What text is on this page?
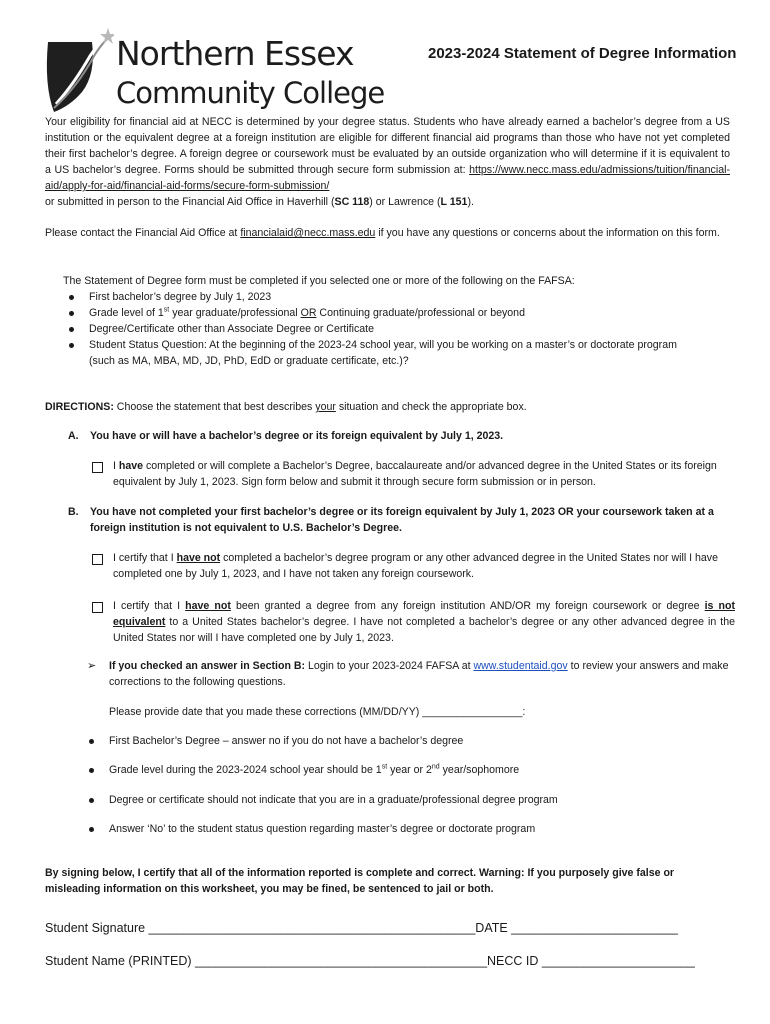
Northern Essex
Community College
2023-2024 Statement of Degree Information

Your eligibility for financial aid at NECC is determined by your degree status. Students who have already earned a bachelor’s degree from a US institution or the equivalent degree at a foreign institution are eligible for different financial aid programs than those who have not yet completed their first bachelor’s degree. A foreign degree or coursework must be evaluated by an outside organization who will determine if it is equivalent to a US bachelor’s degree. Forms should be submitted through secure form submission at: https://www.necc.mass.edu/admissions/tuition/financial-aid/apply-for-aid/financial-aid-forms/secure-form-submission/
or submitted in person to the Financial Aid Office in Haverhill (SC 118) or Lawrence (L 151).

Please contact the Financial Aid Office at financialaid@necc.mass.edu if you have any questions or concerns about the information on this form.

The Statement of Degree form must be completed if you selected one or more of the following on the FAFSA:
First bachelor’s degree by July 1, 2023
Grade level of 1st year graduate/professional OR Continuing graduate/professional or beyond
Degree/Certificate other than Associate Degree or Certificate
Student Status Question: At the beginning of the 2023-24 school year, will you be working on a master’s or doctorate program (such as MA, MBA, MD, JD, PhD, EdD or graduate certificate, etc.)?
DIRECTIONS: Choose the statement that best describes your situation and check the appropriate box.
A. You have or will have a bachelor’s degree or its foreign equivalent by July 1, 2023.
I have completed or will complete a Bachelor’s Degree, baccalaureate and/or advanced degree in the United States or its foreign equivalent by July 1, 2023. Sign form below and submit it through secure form submission or in person.
B. You have not completed your first bachelor’s degree or its foreign equivalent by July 1, 2023 OR your coursework taken at a foreign institution is not equivalent to U.S. Bachelor’s Degree.
I certify that I have not completed a bachelor’s degree program or any other advanced degree in the United States nor will I have completed one by July 1, 2023, and I have not taken any foreign coursework.
I certify that I have not been granted a degree from any foreign institution AND/OR my foreign coursework or degree is not equivalent to a United States bachelor’s degree. I have not completed a bachelor’s degree or any other advanced degree in the United States nor will I have completed one by July 1, 2023.
➢ If you checked an answer in Section B: Login to your 2023-2024 FAFSA at www.studentaid.gov to review your answers and make corrections to the following questions.
Please provide date that you made these corrections (MM/DD/YY) _________________:
First Bachelor’s Degree – answer no if you do not have a bachelor’s degree
Grade level during the 2023-2024 school year should be 1st year or 2nd year/sophomore
Degree or certificate should not indicate that you are in a graduate/professional degree program
Answer ‘No’ to the student status question regarding master’s degree or doctorate program
By signing below, I certify that all of the information reported is complete and correct. Warning: If you purposely give false or misleading information on this worksheet, you may be fined, be sentenced to jail or both.
Student Signature _______________________________________________DATE ________________________
Student Name (PRINTED) __________________________________________NECC ID ______________________
